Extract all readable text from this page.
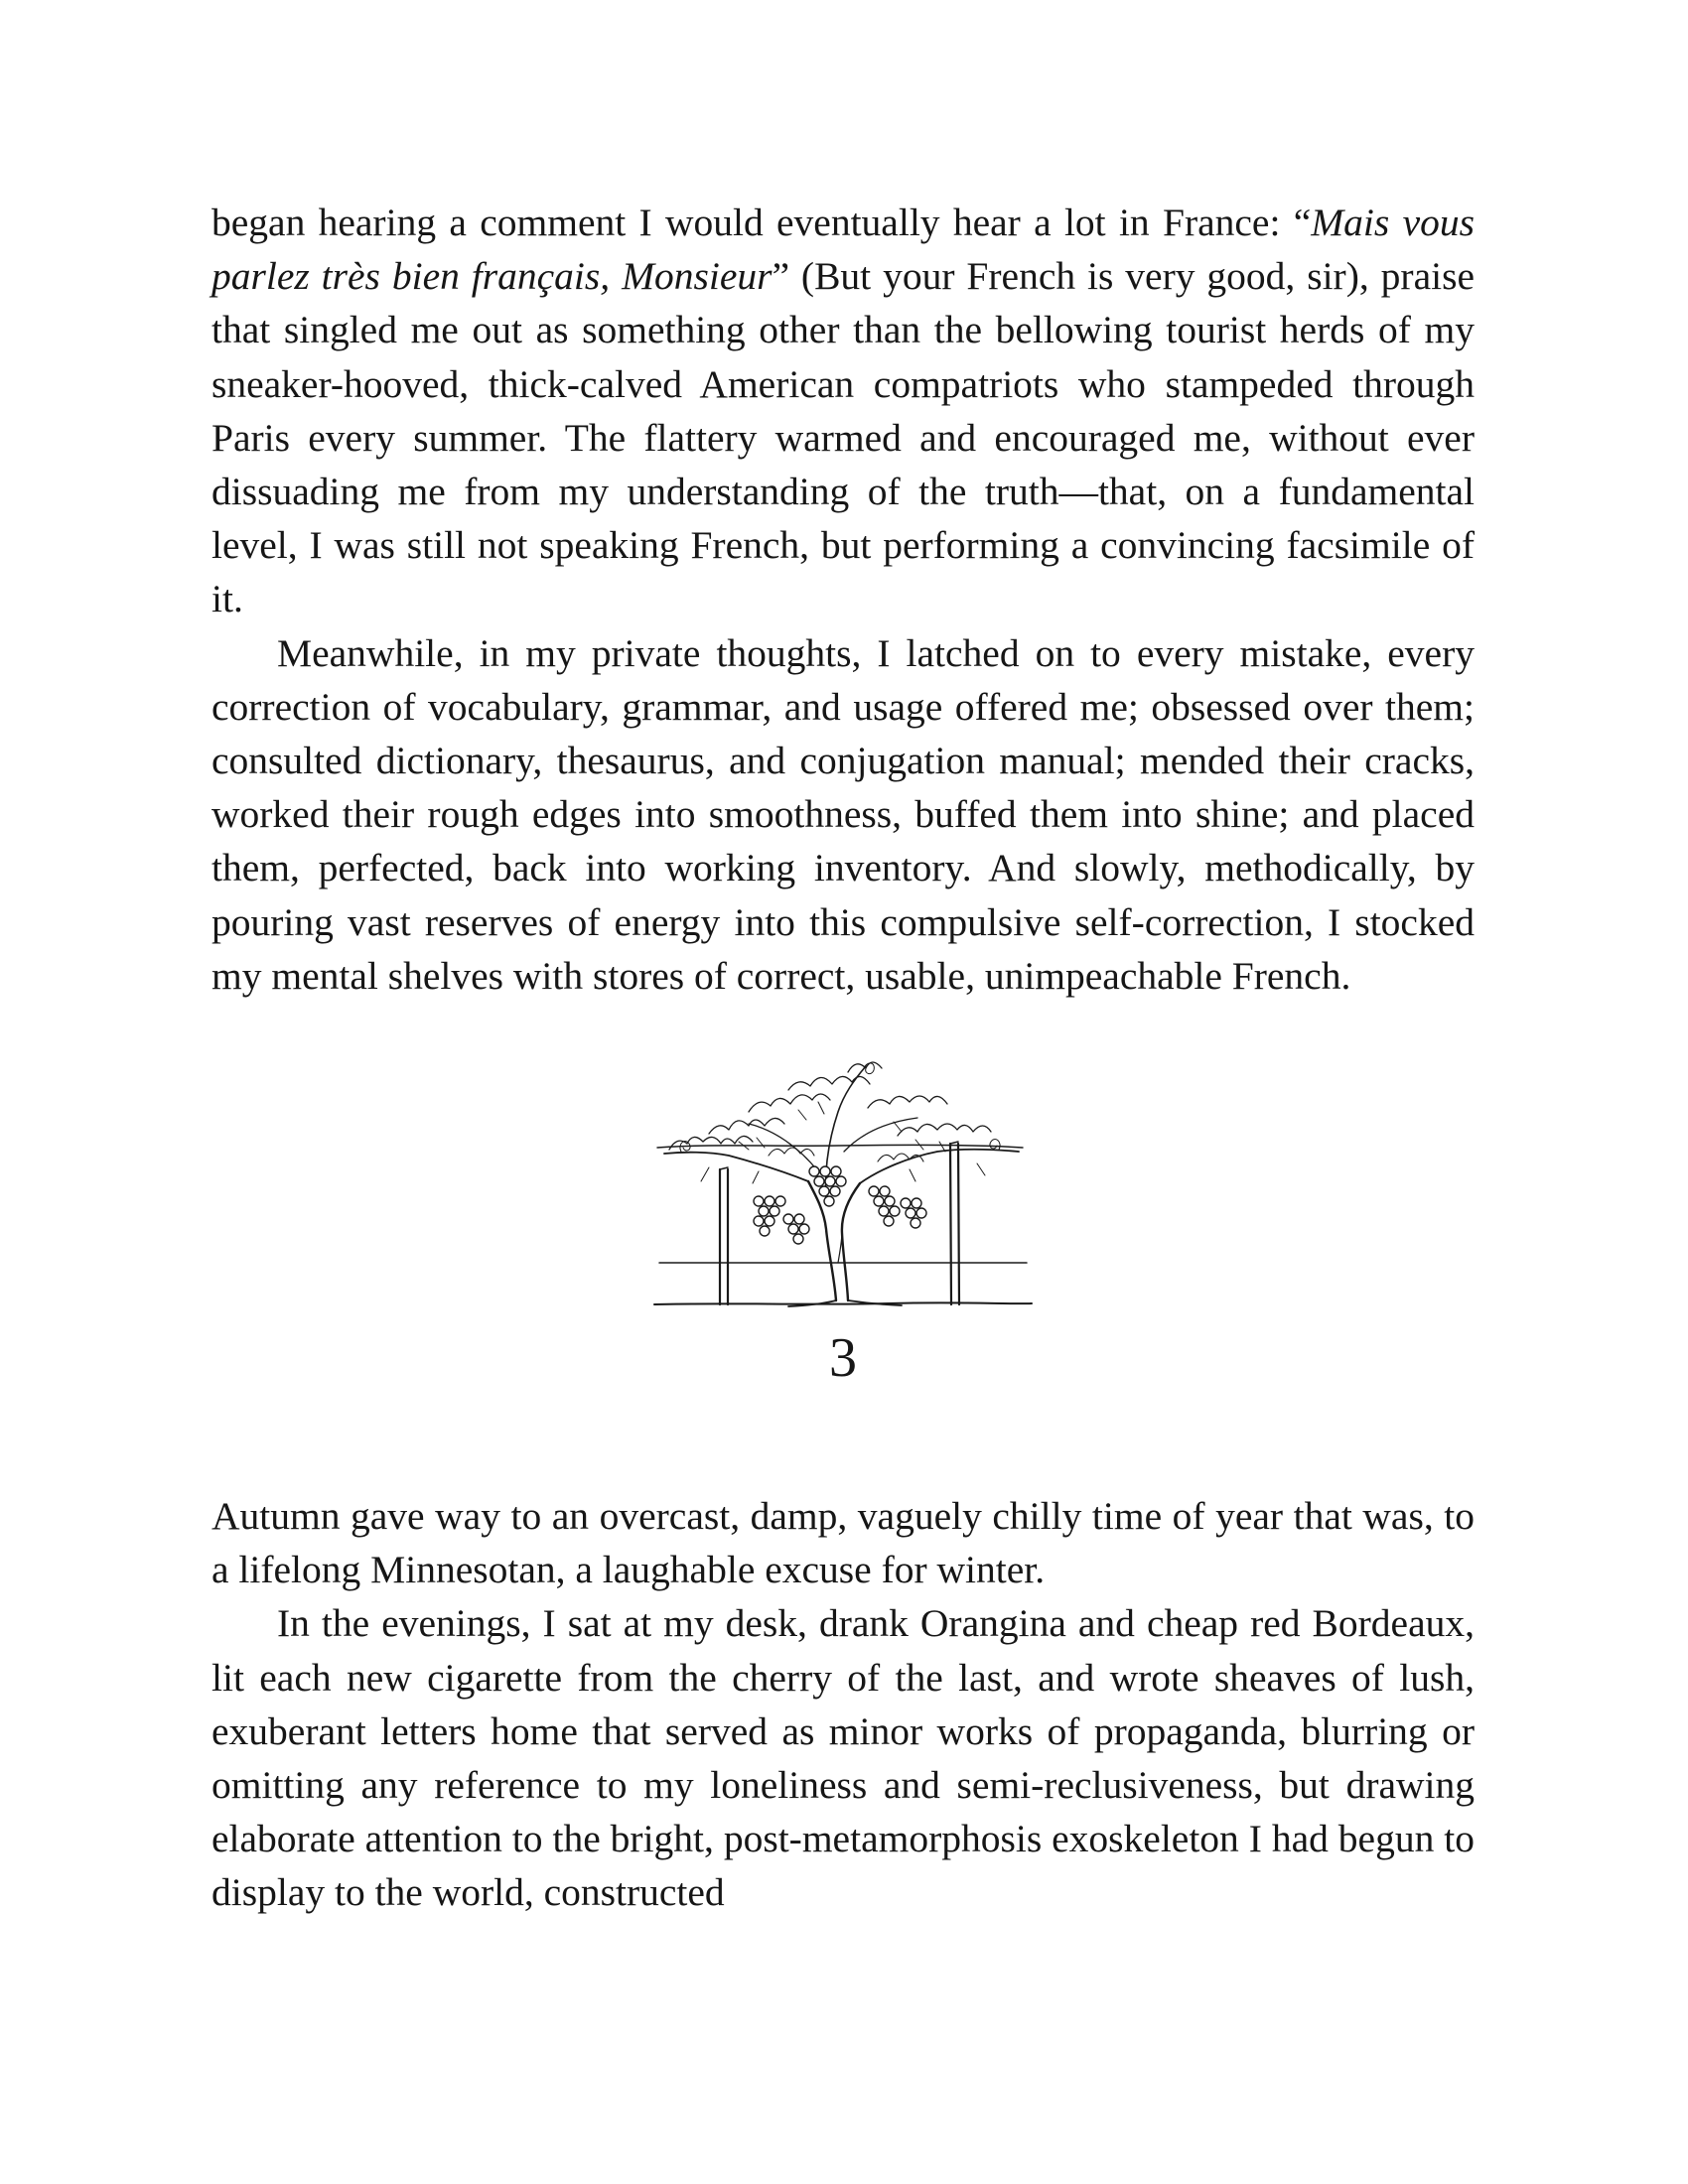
began hearing a comment I would eventually hear a lot in France: “Mais vous parlez très bien français, Monsieur” (But your French is very good, sir), praise that singled me out as something other than the bellowing tourist herds of my sneaker-hooved, thick-calved American compatriots who stampeded through Paris every summer. The flattery warmed and encouraged me, without ever dissuading me from my understanding of the truth—that, on a fundamental level, I was still not speaking French, but performing a convincing facsimile of it.

Meanwhile, in my private thoughts, I latched on to every mistake, every correction of vocabulary, grammar, and usage offered me; obsessed over them; consulted dictionary, thesaurus, and conjugation manual; mended their cracks, worked their rough edges into smoothness, buffed them into shine; and placed them, perfected, back into working inventory. And slowly, methodically, by pouring vast reserves of energy into this compulsive self-correction, I stocked my mental shelves with stores of correct, usable, unimpeachable French.

3

Autumn gave way to an overcast, damp, vaguely chilly time of year that was, to a lifelong Minnesotan, a laughable excuse for winter.

In the evenings, I sat at my desk, drank Orangina and cheap red Bordeaux, lit each new cigarette from the cherry of the last, and wrote sheaves of lush, exuberant letters home that served as minor works of propaganda, blurring or omitting any reference to my loneliness and semi-reclusiveness, but drawing elaborate attention to the bright, post-metamorphosis exoskeleton I had begun to display to the world, constructed
